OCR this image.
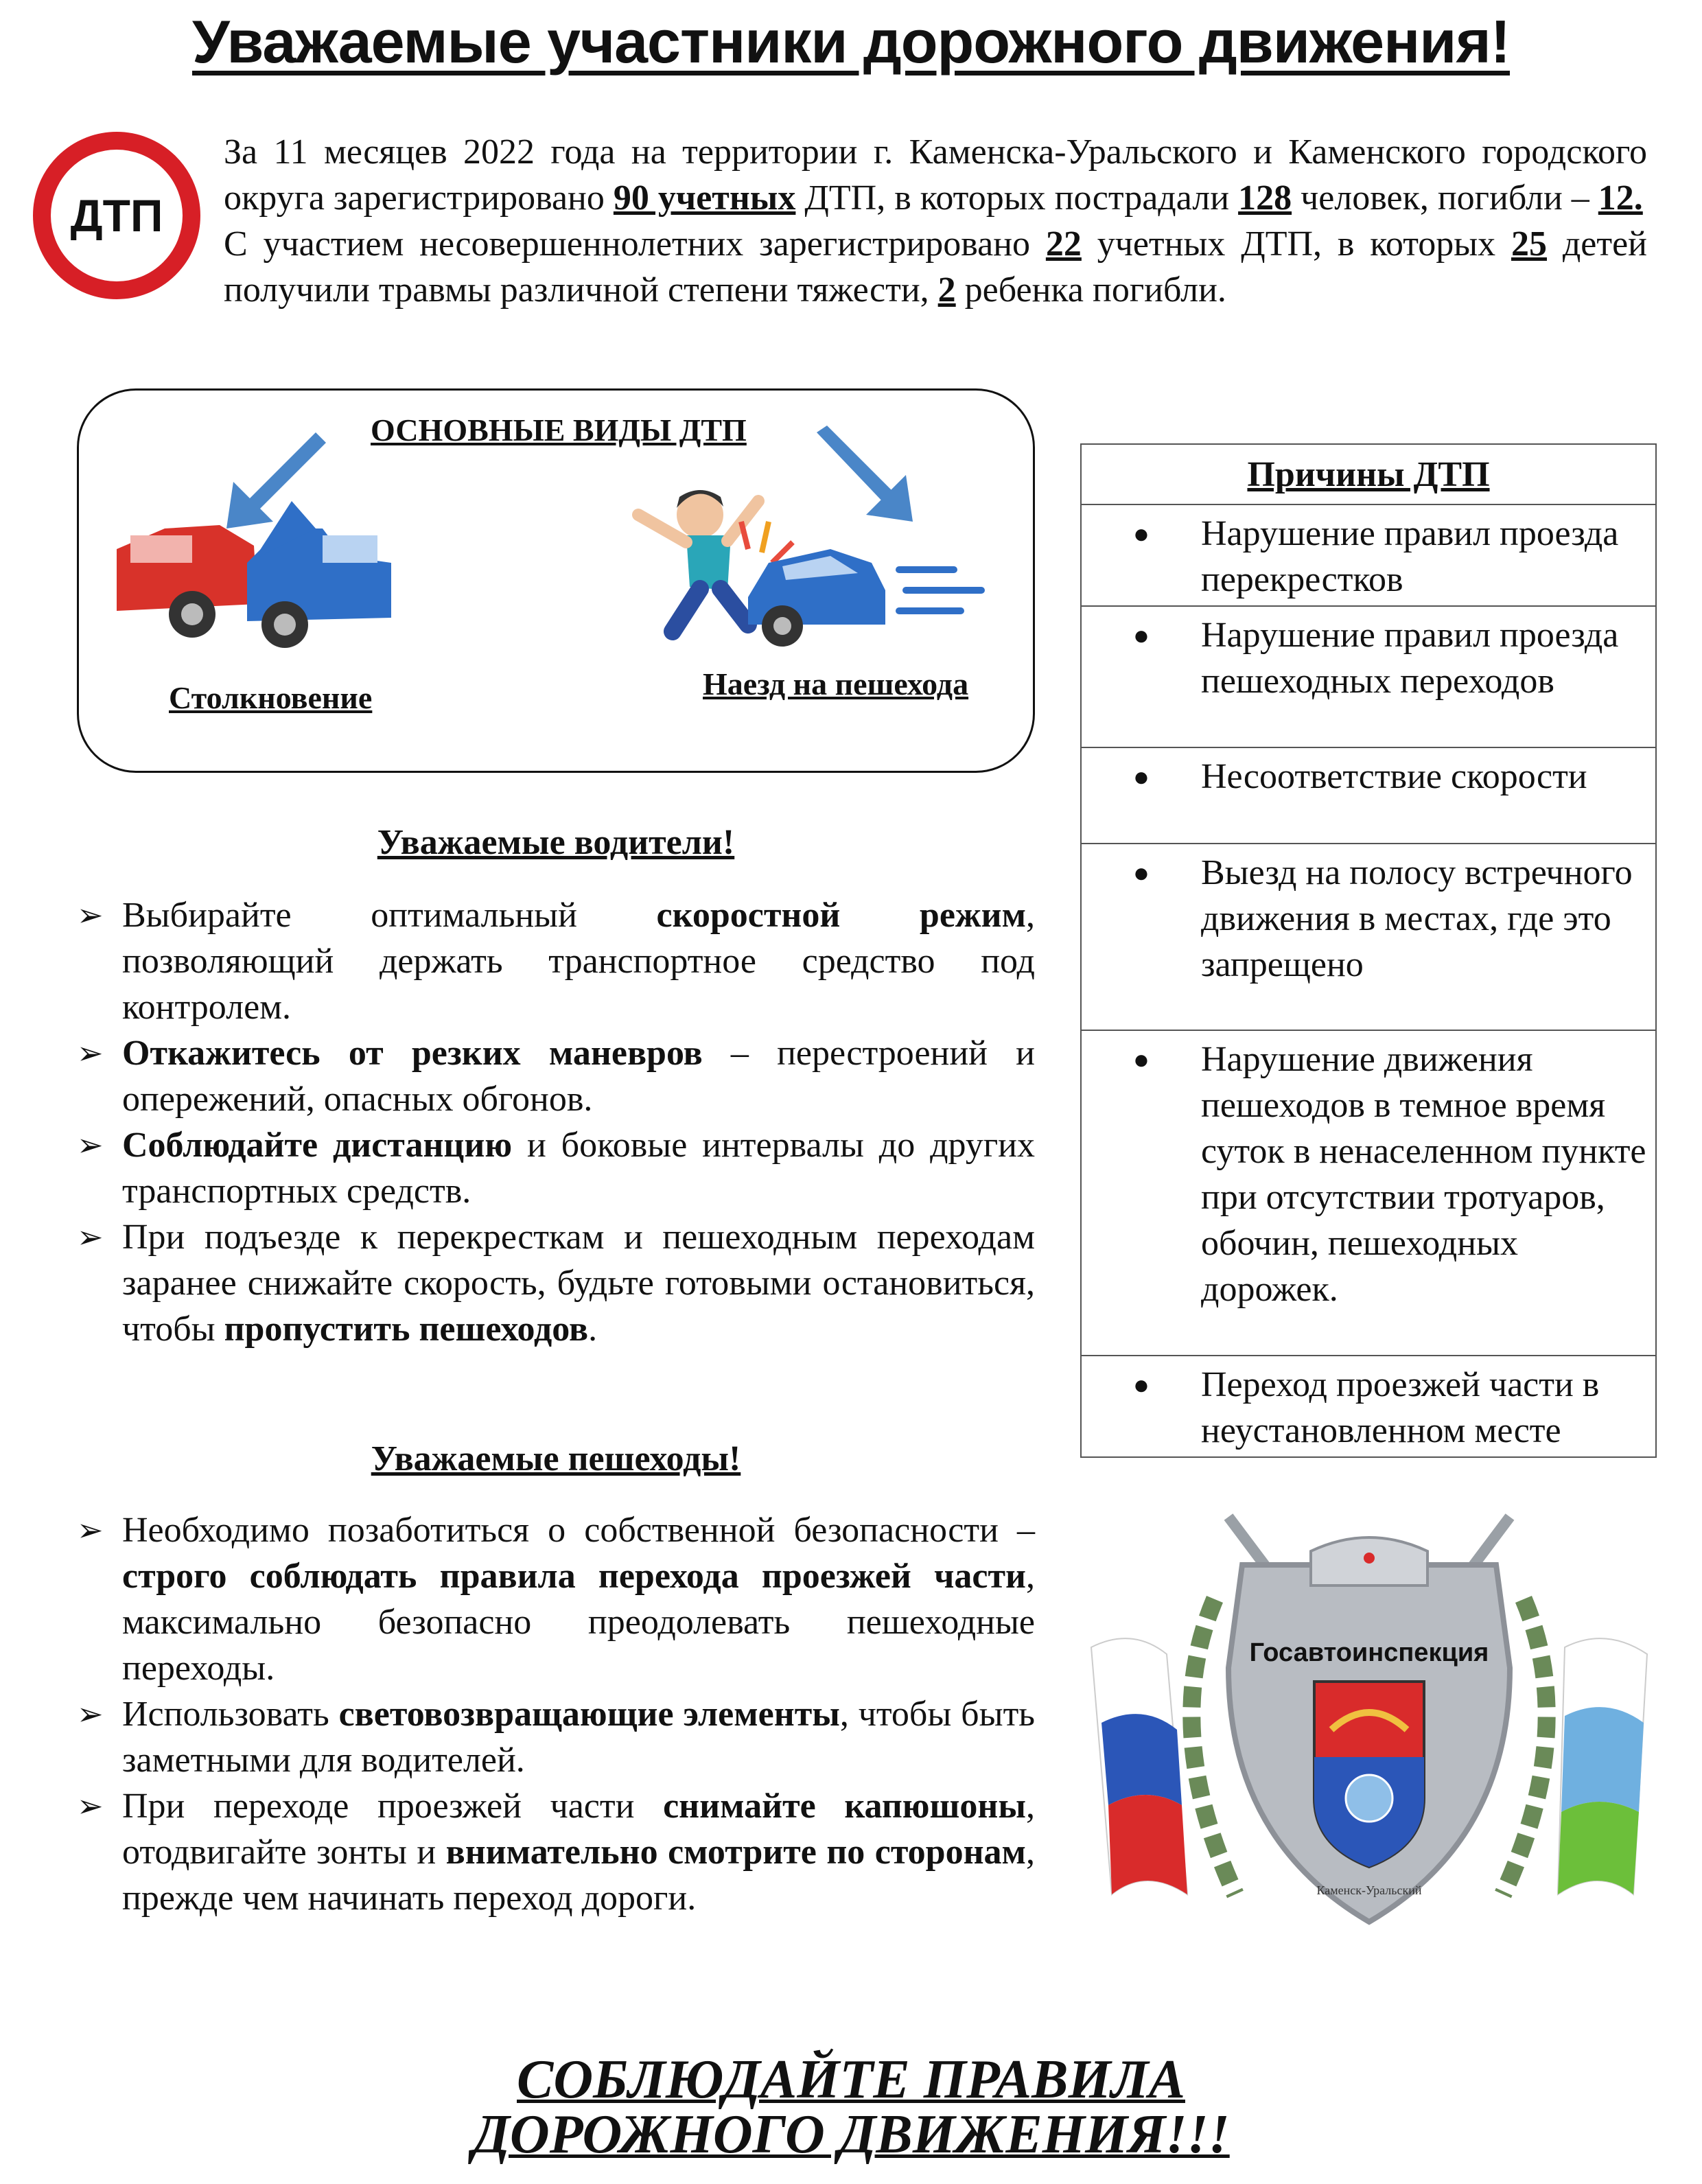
Уважаемые участники дорожного движения!
ДТП

За 11 месяцев 2022 года на территории г. Каменска-Уральского и Каменского городского округа зарегистрировано 90 учетных ДТП, в которых пострадали 128 человек, погибли – 12.

С участием несовершеннолетних зарегистрировано 22 учетных ДТП, в которых 25 детей получили травмы различной степени тяжести, 2 ребенка погибли.

ОСНОВНЫЕ ВИДЫ ДТП
Столкновение	Наезд на пешехода
Причины ДТП

●	Нарушение правил проезда перекрестков

●	Нарушение правил проезда пешеходных переходов

●	Несоответствие скорости

●	Выезд на полосу встречного движения в местах, где это запрещено

●	Нарушение движения пешеходов в темное время суток в ненаселенном пункте при отсутствии тротуаров, обочин, пешеходных дорожек.

●	Переход проезжей части в неустановленном месте
Уважаемые водители!
➢ Выбирайте оптимальный скоростной режим, позволяющий держать транспортное средство под контролем.
➢ Откажитесь от резких маневров – перестроений и опережений, опасных обгонов.
➢ Соблюдайте дистанцию и боковые интервалы до других транспортных средств.
➢ При подъезде к перекресткам и пешеходным переходам заранее снижайте скорость, будьте готовыми остановиться, чтобы пропустить пешеходов.
Уважаемые пешеходы!
➢ Необходимо позаботиться о собственной безопасности – строго соблюдать правила перехода проезжей части, максимально безопасно преодолевать пешеходные переходы.
➢ Использовать световозвращающие элементы, чтобы быть заметными для водителей.
➢ При переходе проезжей части снимайте капюшоны, отодвигайте зонты и внимательно смотрите по сторонам, прежде чем начинать переход дороги.
Госавтоинспекция
Каменск-Уральский
СОБЛЮДАЙТЕ ПРАВИЛА
ДОРОЖНОГО ДВИЖЕНИЯ!!!
